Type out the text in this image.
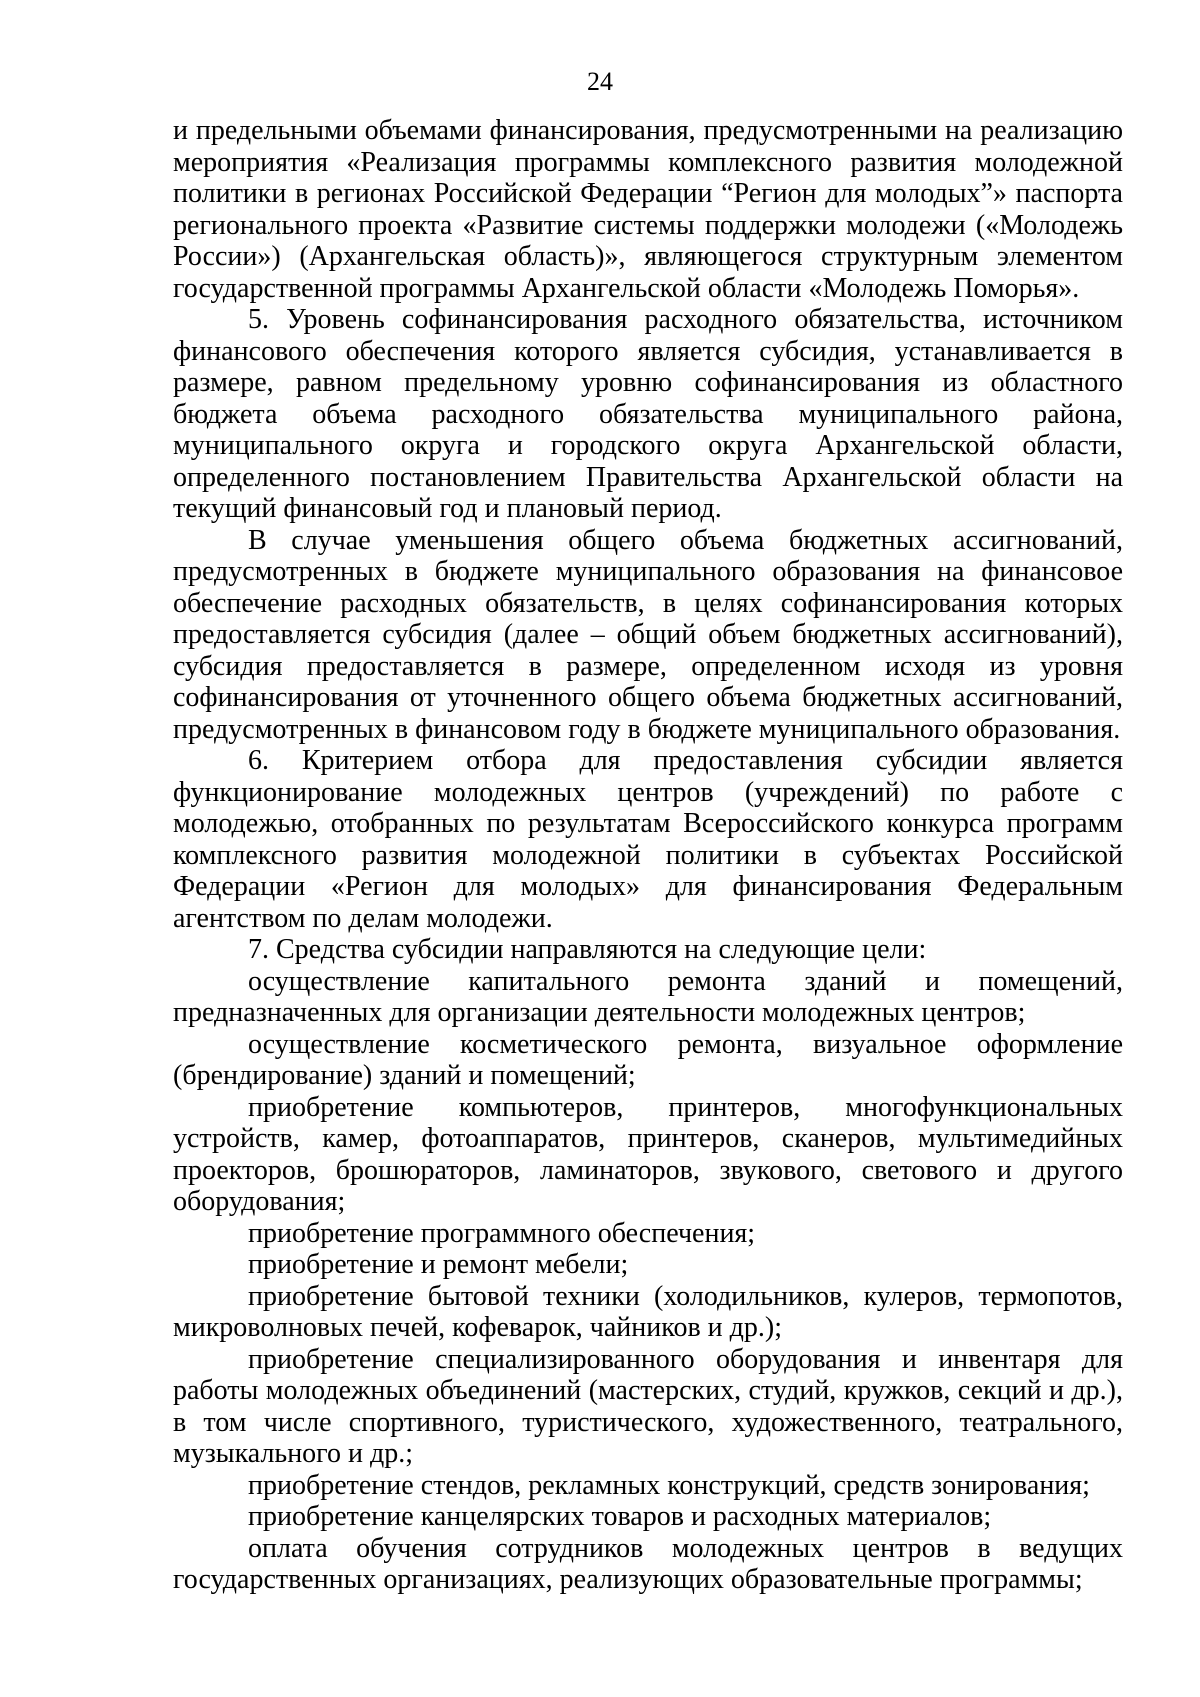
24

и предельными объемами финансирования, предусмотренными на реализацию мероприятия «Реализация программы комплексного развития молодежной политики в регионах Российской Федерации “Регион для молодых”» паспорта регионального проекта «Развитие системы поддержки молодежи («Молодежь России») (Архангельская область)», являющегося структурным элементом государственной программы Архангельской области «Молодежь Поморья».

5. Уровень софинансирования расходного обязательства, источником финансового обеспечения которого является субсидия, устанавливается в размере, равном предельному уровню софинансирования из областного бюджета объема расходного обязательства муниципального района, муниципального округа и городского округа Архангельской области, определенного постановлением Правительства Архангельской области на текущий финансовый год и плановый период.

В случае уменьшения общего объема бюджетных ассигнований, предусмотренных в бюджете муниципального образования на финансовое обеспечение расходных обязательств, в целях софинансирования которых предоставляется субсидия (далее – общий объем бюджетных ассигнований), субсидия предоставляется в размере, определенном исходя из уровня софинансирования от уточненного общего объема бюджетных ассигнований, предусмотренных в финансовом году в бюджете муниципального образования.

6. Критерием отбора для предоставления субсидии является функционирование молодежных центров (учреждений) по работе с молодежью, отобранных по результатам Всероссийского конкурса программ комплексного развития молодежной политики в субъектах Российской Федерации «Регион для молодых» для финансирования Федеральным агентством по делам молодежи.

7. Средства субсидии направляются на следующие цели:

осуществление капитального ремонта зданий и помещений, предназначенных для организации деятельности молодежных центров;

осуществление косметического ремонта, визуальное оформление (брендирование) зданий и помещений;

приобретение компьютеров, принтеров, многофункциональных устройств, камер, фотоаппаратов, принтеров, сканеров, мультимедийных проекторов, брошюраторов, ламинаторов, звукового, светового и другого оборудования;

приобретение программного обеспечения;

приобретение и ремонт мебели;

приобретение бытовой техники (холодильников, кулеров, термопотов, микроволновых печей, кофеварок, чайников и др.);

приобретение специализированного оборудования и инвентаря для работы молодежных объединений (мастерских, студий, кружков, секций и др.), в том числе спортивного, туристического, художественного, театрального, музыкального и др.;

приобретение стендов, рекламных конструкций, средств зонирования;

приобретение канцелярских товаров и расходных материалов;

оплата обучения сотрудников молодежных центров в ведущих государственных организациях, реализующих образовательные программы;
